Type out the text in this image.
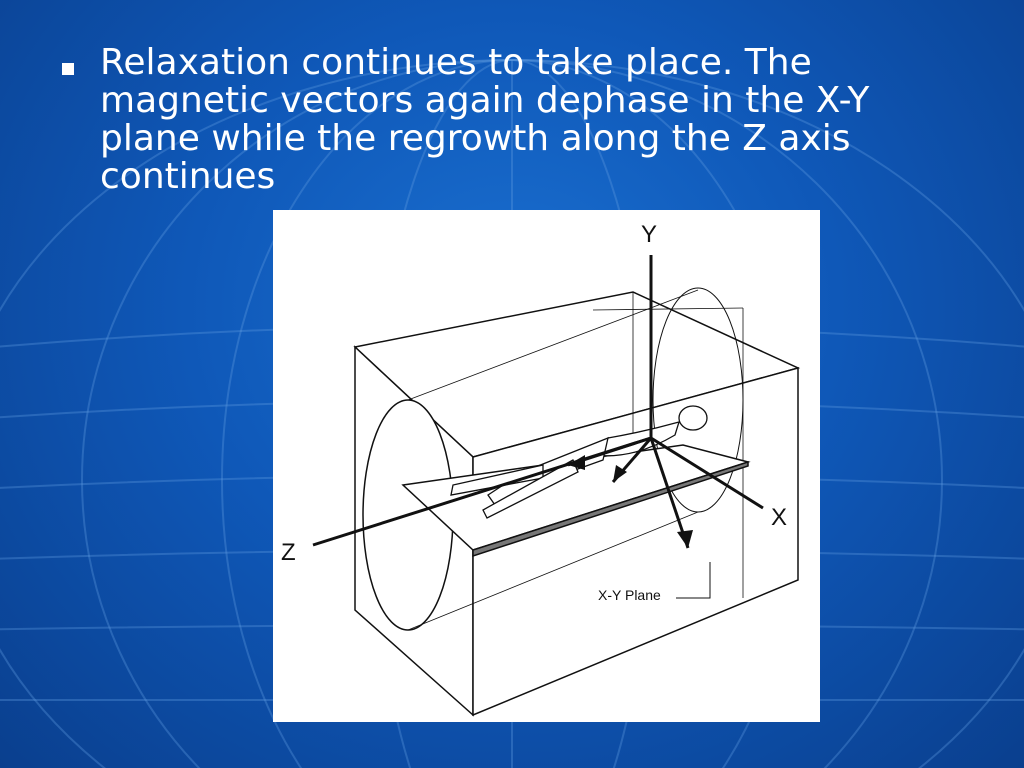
Relaxation continues to take place. The magnetic vectors again dephase in the X-Y plane while the regrowth along the Z axis continues
Y
X
Z
X-Y Plane
